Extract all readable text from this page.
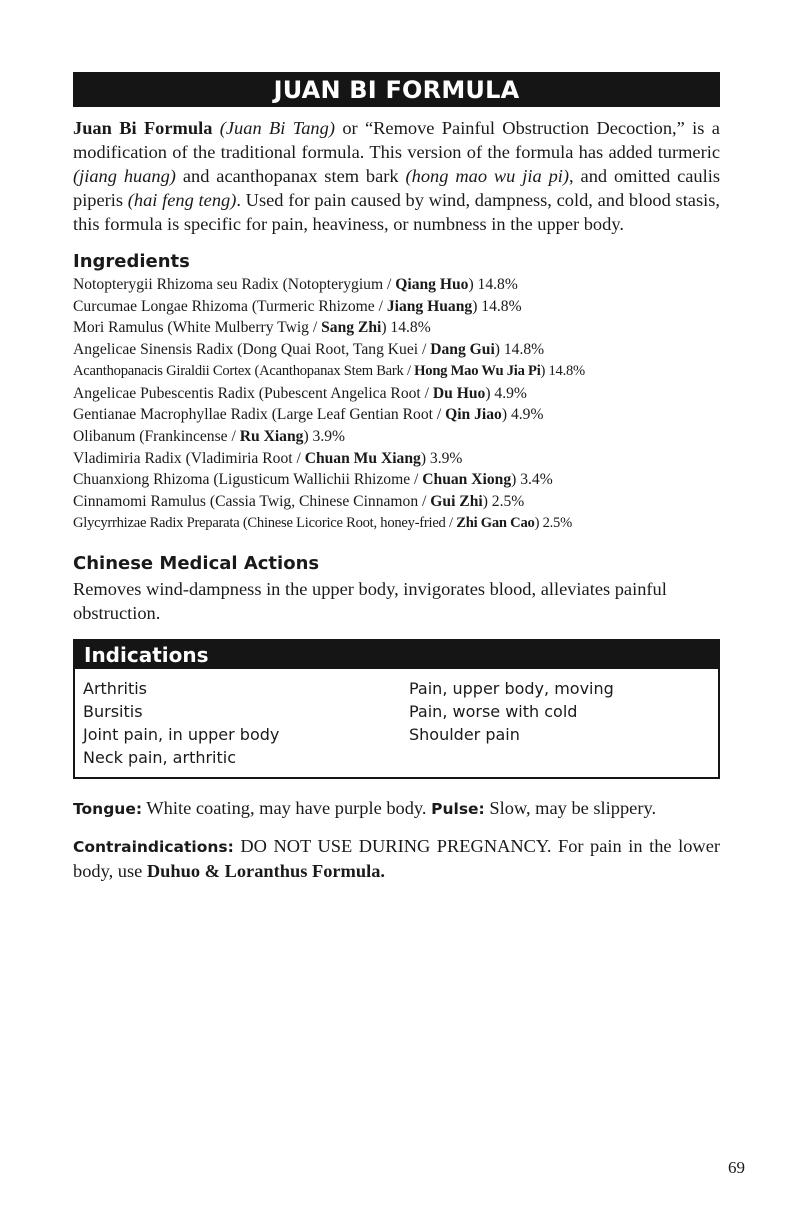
JUAN BI FORMULA

Juan Bi Formula (Juan Bi Tang) or “Remove Painful Obstruction Decoction,” is a modification of the traditional formula. This version of the formula has added turmeric (jiang huang) and acanthopanax stem bark (hong mao wu jia pi), and omitted caulis piperis (hai feng teng). Used for pain caused by wind, dampness, cold, and blood stasis, this formula is specific for pain, heaviness, or numbness in the upper body.

Ingredients
Notopterygii Rhizoma seu Radix (Notopterygium / Qiang Huo) 14.8%
Curcumae Longae Rhizoma (Turmeric Rhizome / Jiang Huang) 14.8%
Mori Ramulus (White Mulberry Twig / Sang Zhi) 14.8%
Angelicae Sinensis Radix (Dong Quai Root, Tang Kuei / Dang Gui) 14.8%
Acanthopanacis Giraldii Cortex (Acanthopanax Stem Bark / Hong Mao Wu Jia Pi) 14.8%
Angelicae Pubescentis Radix (Pubescent Angelica Root / Du Huo) 4.9%
Gentianae Macrophyllae Radix (Large Leaf Gentian Root / Qin Jiao) 4.9%
Olibanum (Frankincense / Ru Xiang) 3.9%
Vladimiria Radix (Vladimiria Root / Chuan Mu Xiang) 3.9%
Chuanxiong Rhizoma (Ligusticum Wallichii Rhizome / Chuan Xiong) 3.4%
Cinnamomi Ramulus (Cassia Twig, Chinese Cinnamon / Gui Zhi) 2.5%
Glycyrrhizae Radix Preparata (Chinese Licorice Root, honey-fried / Zhi Gan Cao) 2.5%
Chinese Medical Actions
Removes wind-dampness in the upper body, invigorates blood, alleviates painful obstruction.
Indications
Arthritis
Bursitis
Joint pain, in upper body
Neck pain, arthritic
Pain, upper body, moving
Pain, worse with cold
Shoulder pain
Tongue: White coating, may have purple body. Pulse: Slow, may be slippery.
Contraindications: DO NOT USE DURING PREGNANCY. For pain in the lower body, use Duhuo & Loranthus Formula.
69
